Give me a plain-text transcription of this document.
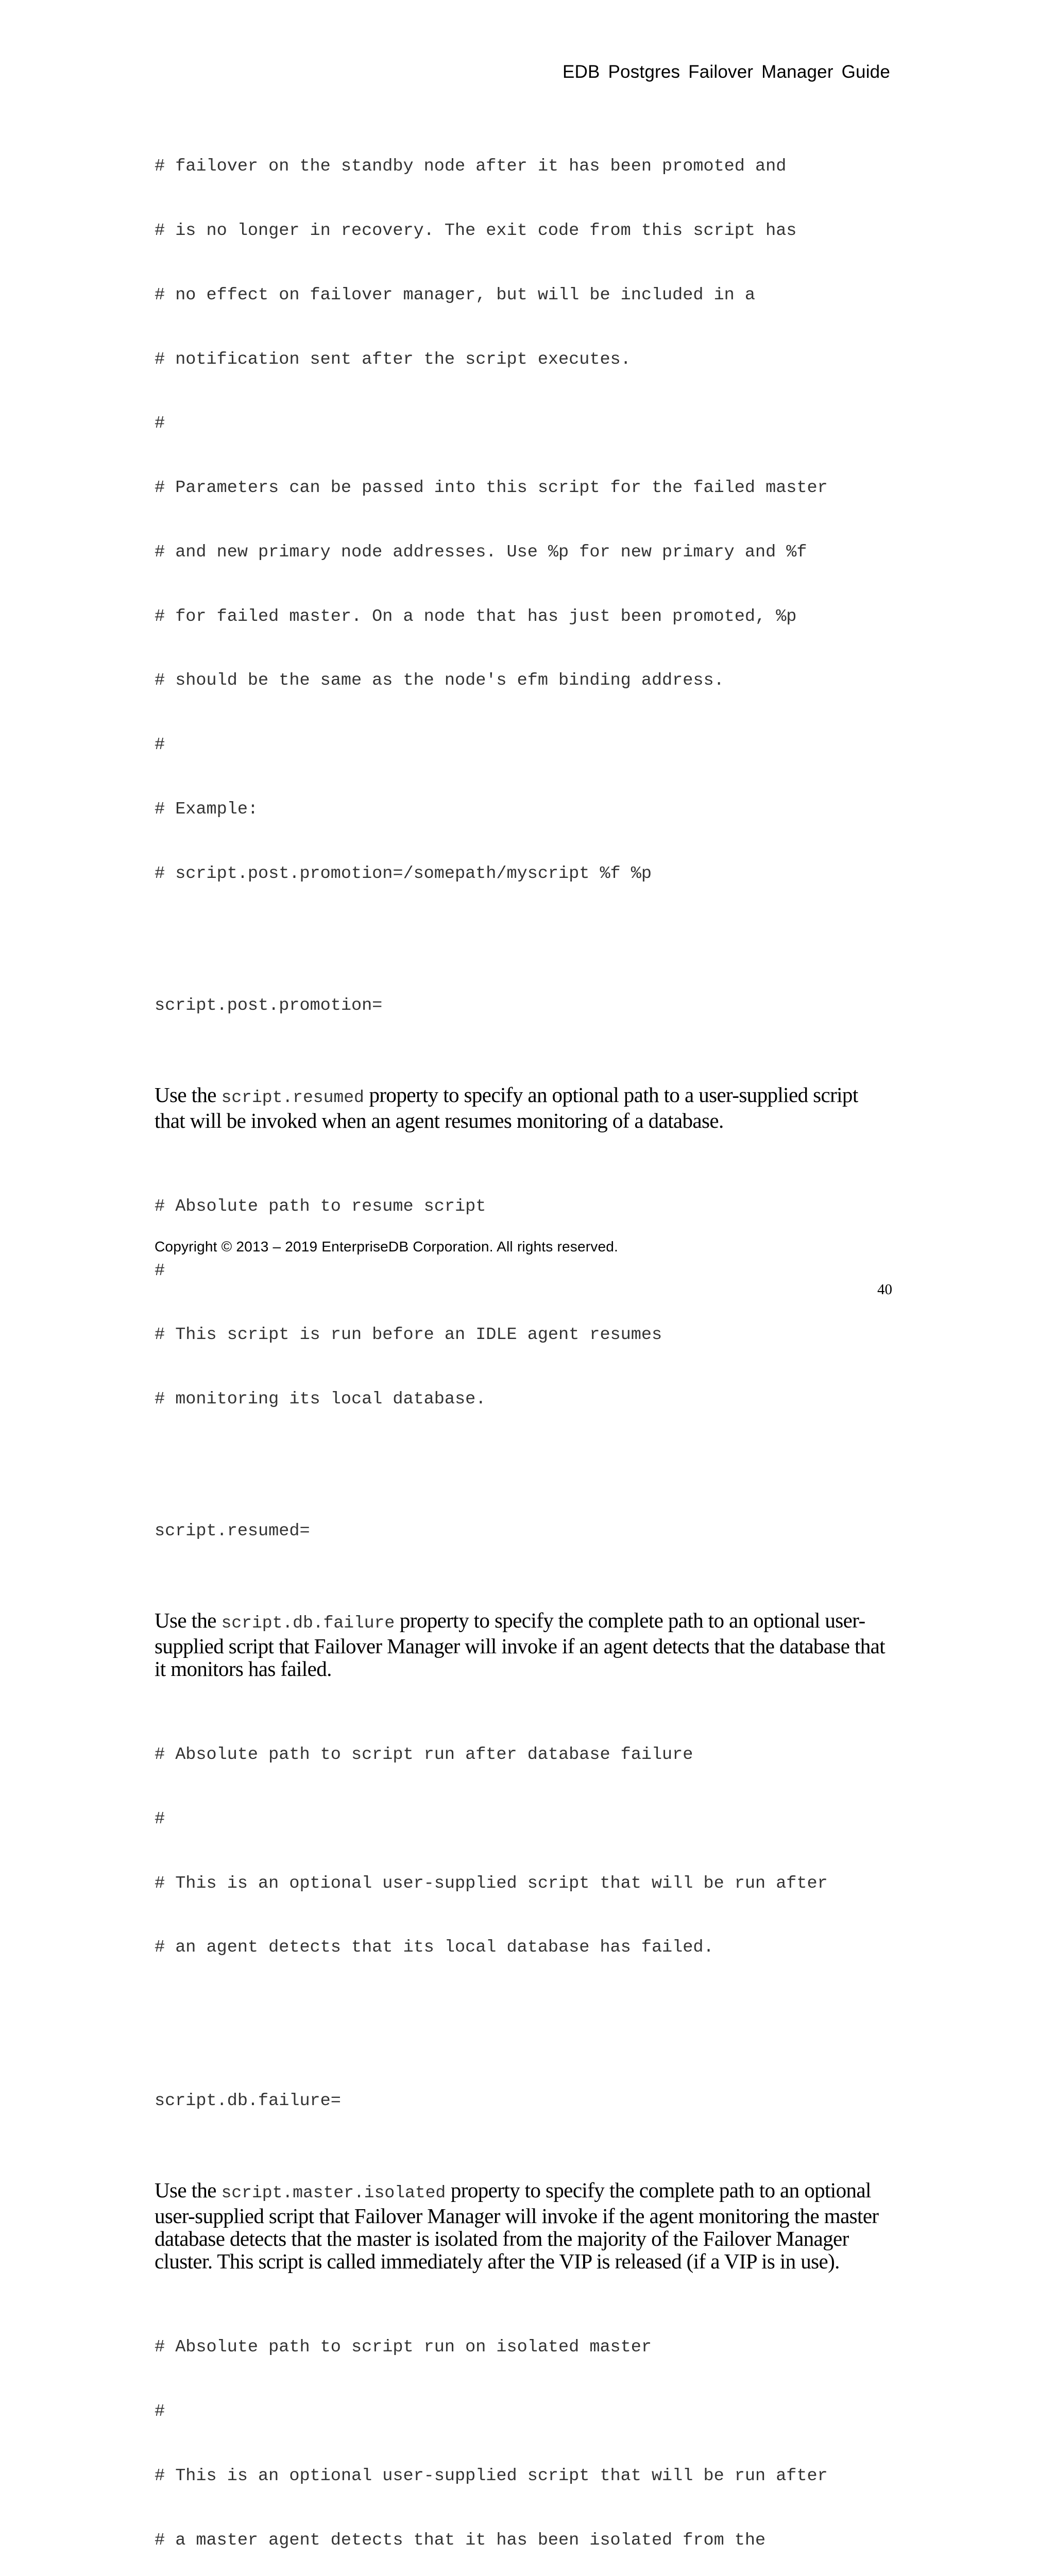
EDB Postgres Failover Manager Guide

# failover on the standby node after it has been promoted and

# is no longer in recovery. The exit code from this script has

# no effect on failover manager, but will be included in a

# notification sent after the script executes.

#

# Parameters can be passed into this script for the failed master

# and new primary node addresses. Use %p for new primary and %f

# for failed master. On a node that has just been promoted, %p

# should be the same as the node's efm binding address.

#

# Example:

# script.post.promotion=/somepath/myscript %f %p

script.post.promotion=

Use the script.resumed property to specify an optional path to a user-supplied script
that will be invoked when an agent resumes monitoring of a database.

# Absolute path to resume script

#

# This script is run before an IDLE agent resumes

# monitoring its local database.

script.resumed=

Use the script.db.failure property to specify the complete path to an optional user-
supplied script that Failover Manager will invoke if an agent detects that the database that
it monitors has failed.

# Absolute path to script run after database failure

#

# This is an optional user-supplied script that will be run after

# an agent detects that its local database has failed.

script.db.failure=

Use the script.master.isolated property to specify the complete path to an optional
user-supplied script that Failover Manager will invoke if the agent monitoring the master
database detects that the master is isolated from the majority of the Failover Manager
cluster. This script is called immediately after the VIP is released (if a VIP is in use).

# Absolute path to script run on isolated master

#

# This is an optional user-supplied script that will be run after

# a master agent detects that it has been isolated from the

Copyright © 2013 – 2019 EnterpriseDB Corporation. All rights reserved.
40
